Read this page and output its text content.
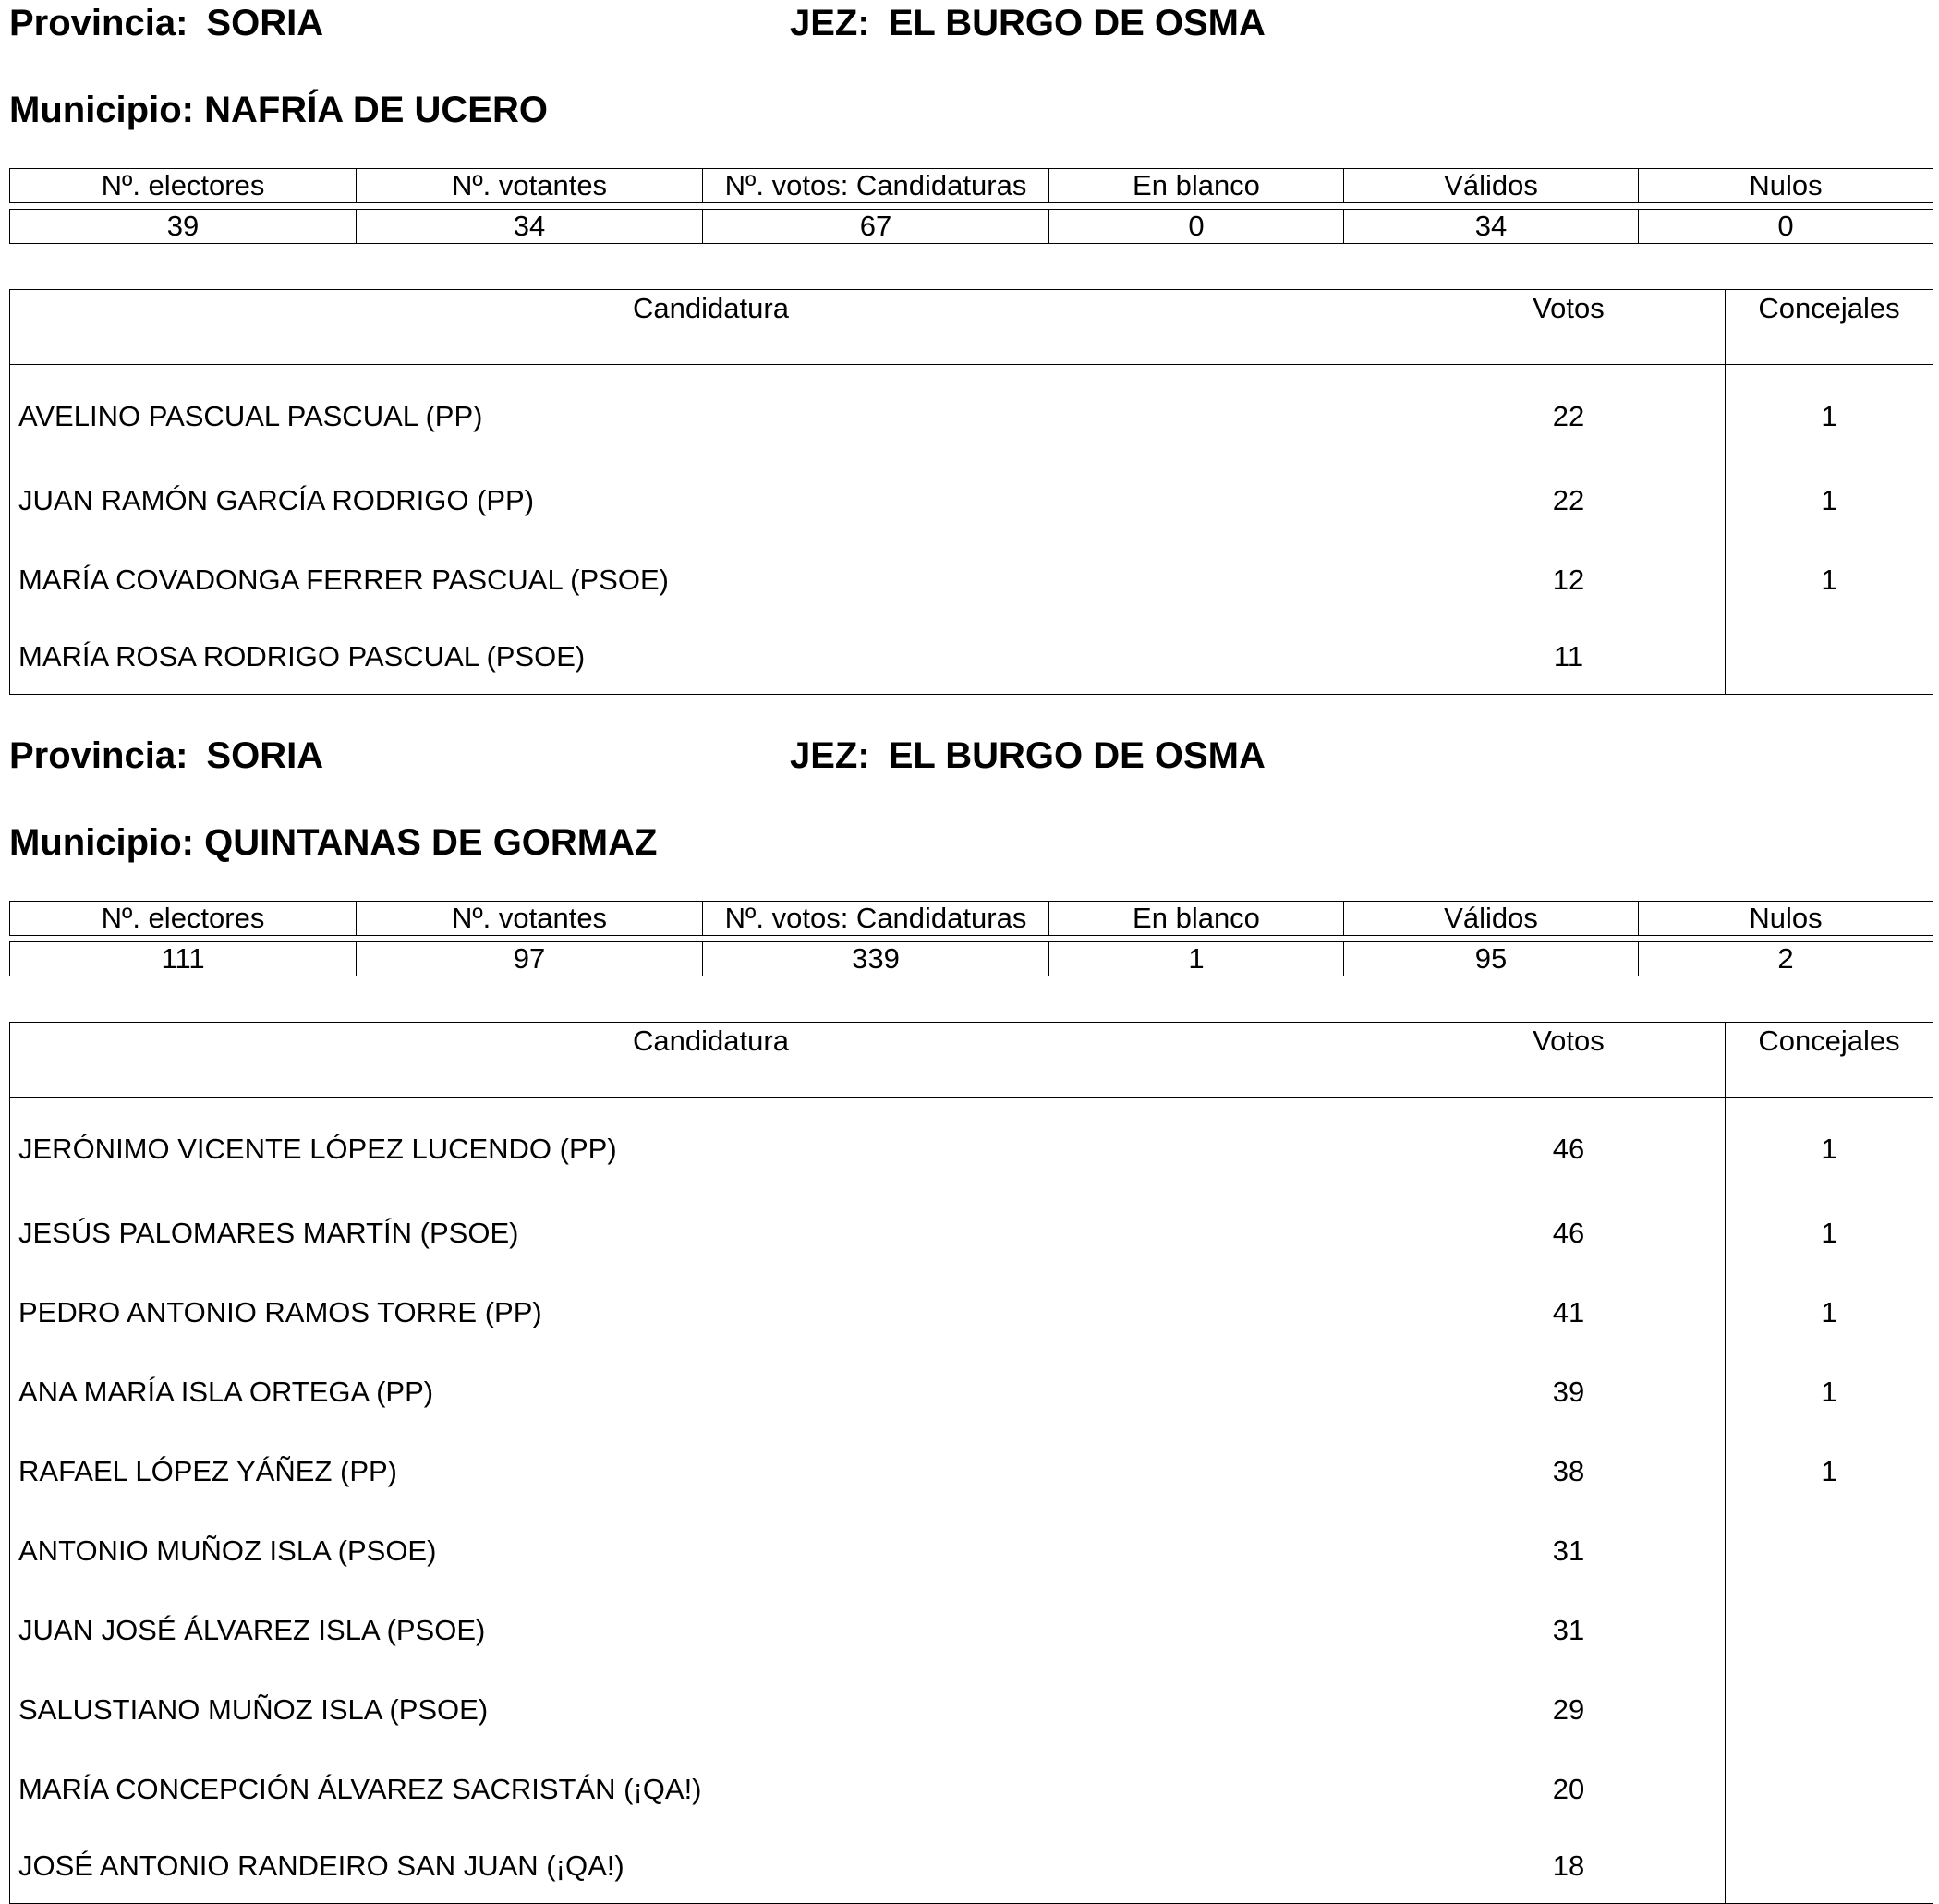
Provincia: SORIA	JEZ: EL BURGO DE OSMA
Municipio: NAFRÍA DE UCERO
Nº. electores	Nº. votantes	Nº. votos: Candidaturas	En blanco	Válidos	Nulos
39	34	67	0	34	0
Candidatura	Votos	Concejales
AVELINO PASCUAL PASCUAL (PP)	22	1
JUAN RAMÓN GARCÍA RODRIGO (PP)	22	1
MARÍA COVADONGA FERRER PASCUAL (PSOE)	12	1
MARÍA ROSA RODRIGO PASCUAL (PSOE)	11	
Provincia: SORIA	JEZ: EL BURGO DE OSMA
Municipio: QUINTANAS DE GORMAZ
Nº. electores	Nº. votantes	Nº. votos: Candidaturas	En blanco	Válidos	Nulos
111	97	339	1	95	2
Candidatura	Votos	Concejales
JERÓNIMO VICENTE LÓPEZ LUCENDO (PP)	46	1
JESÚS PALOMARES MARTÍN (PSOE)	46	1
PEDRO ANTONIO RAMOS TORRE (PP)	41	1
ANA MARÍA ISLA ORTEGA (PP)	39	1
RAFAEL LÓPEZ YÁÑEZ (PP)	38	1
ANTONIO MUÑOZ ISLA (PSOE)	31	
JUAN JOSÉ ÁLVAREZ ISLA (PSOE)	31	
SALUSTIANO MUÑOZ ISLA (PSOE)	29	
MARÍA CONCEPCIÓN ÁLVAREZ SACRISTÁN (¡QA!)	20	
JOSÉ ANTONIO RANDEIRO SAN JUAN (¡QA!)	18	
